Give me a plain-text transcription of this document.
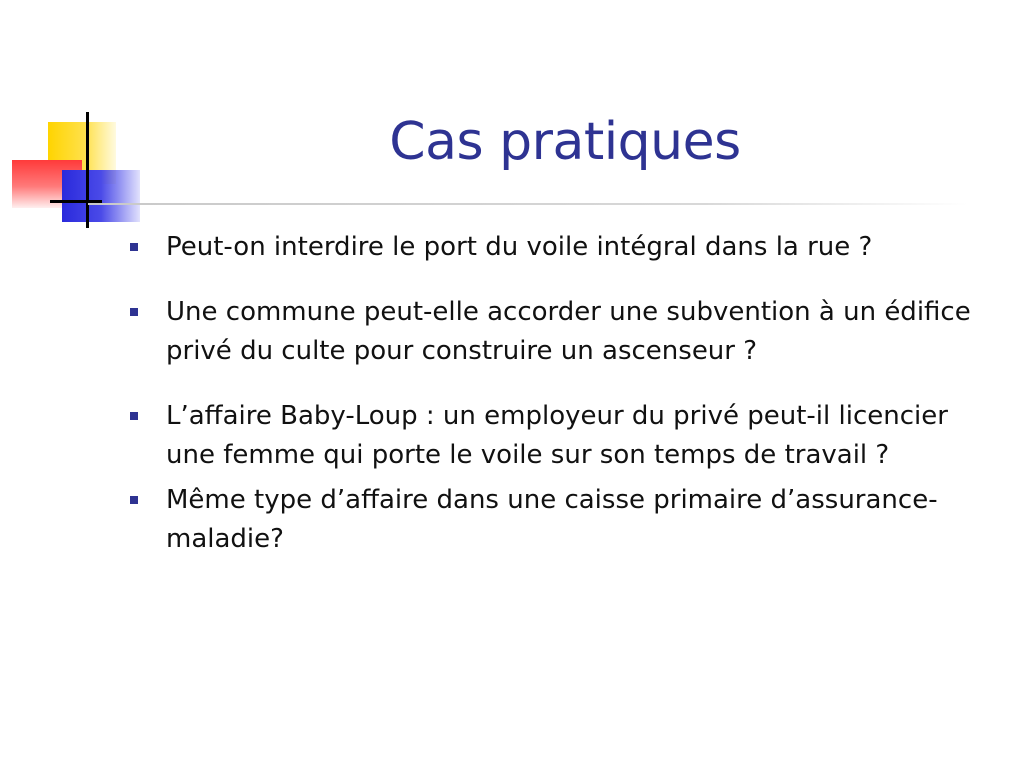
Cas pratiques
Peut-on interdire le port du voile intégral dans la rue ?
Une commune peut-elle accorder une subvention à un édifice privé du culte pour construire un ascenseur ?
L’affaire Baby-Loup : un employeur du privé peut-il licencier une femme qui porte le voile sur son temps de travail ?
Même type d’affaire dans une caisse primaire d’assurance-maladie?
